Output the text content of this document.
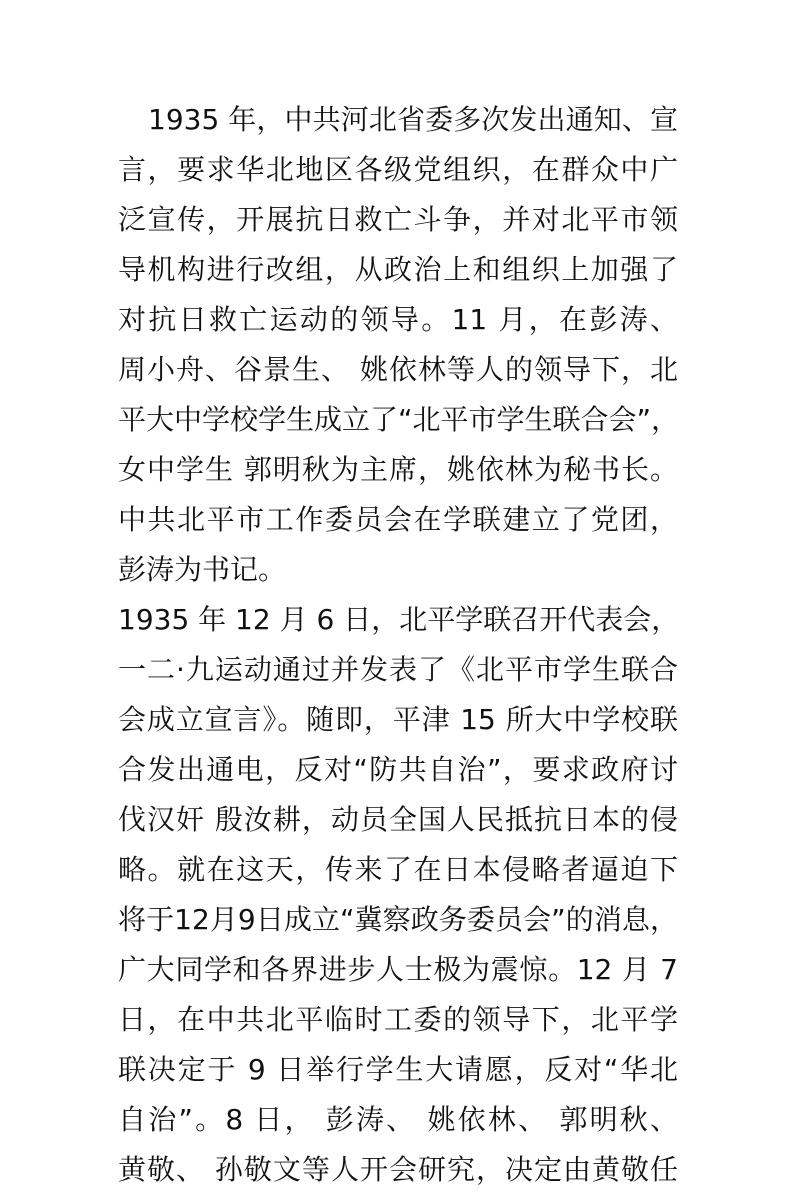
1935 年，中共河北省委多次发出通知、宣
言，要求华北地区各级党组织，在群众中广
泛宣传，开展抗日救亡斗争，并对北平市领
导机构进行改组，从政治上和组织上加强了
对抗日救亡运动的领导。11 月，在彭涛、
周小舟、谷景生、 姚依林等人的领导下，北
平大中学校学生成立了“北平市学生联合会”，
女中学生 郭明秋为主席，姚依林为秘书长。
中共北平市工作委员会在学联建立了党团，
彭涛为书记。
1935 年 12 月 6 日，北平学联召开代表会，
一二·九运动通过并发表了《北平市学生联合
会成立宣言》。随即，平津 15 所大中学校联
合发出通电，反对“防共自治”，要求政府讨
伐汉奸 殷汝耕，动员全国人民抵抗日本的侵
略。就在这天，传来了在日本侵略者逼迫下
将于12月9日成立“冀察政务委员会”的消息，
广大同学和各界进步人士极为震惊。12 月 7
日，在中共北平临时工委的领导下，北平学
联决定于 9 日举行学生大请愿，反对“华北
自治”。8 日， 彭涛、 姚依林、 郭明秋、
黄敬、 孙敬文等人开会研究，决定由黄敬任
